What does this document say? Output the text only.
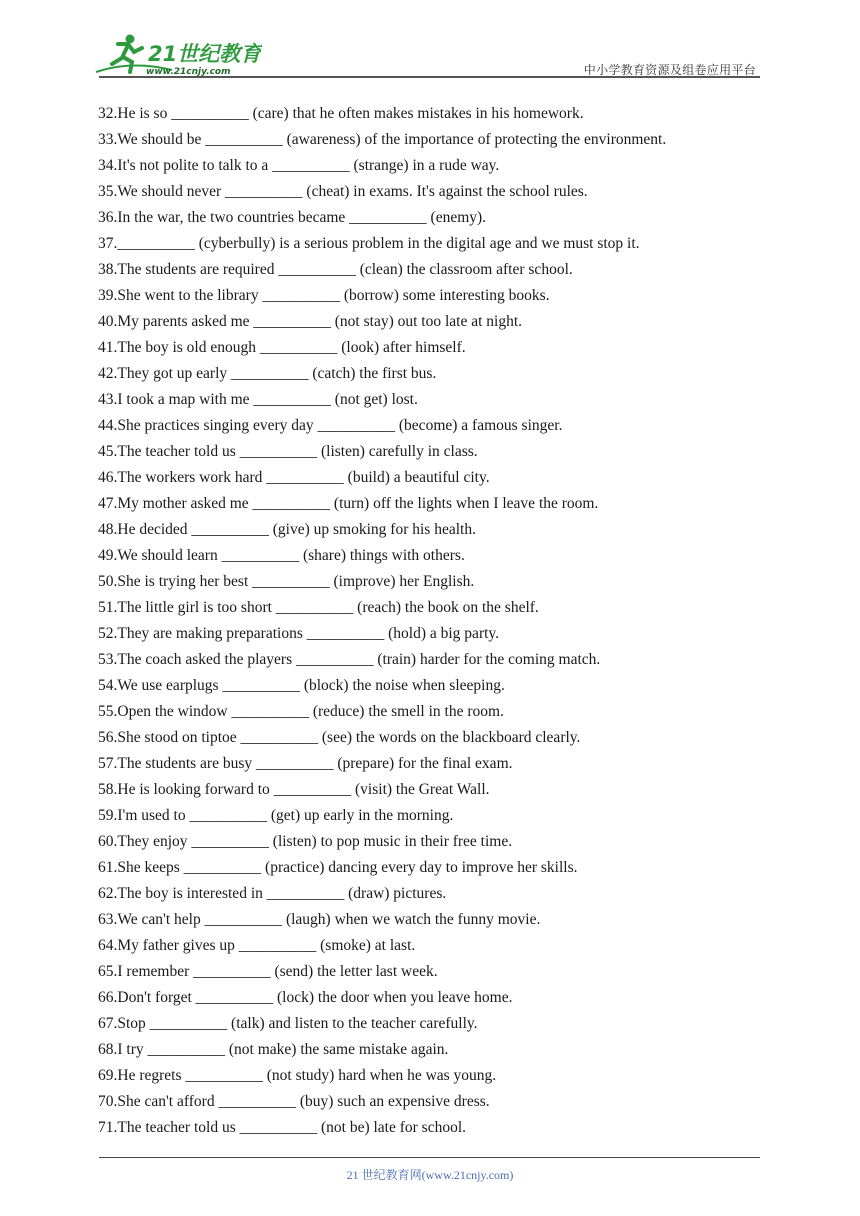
21世纪教育
www.21cnjy.com	中小学教育资源及组卷应用平台
32.He is so __________ (care) that he often makes mistakes in his homework.
33.We should be __________ (awareness) of the importance of protecting the environment.
34.It's not polite to talk to a __________ (strange) in a rude way.
35.We should never __________ (cheat) in exams. It's against the school rules.
36.In the war, the two countries became __________ (enemy).
37.__________ (cyberbully) is a serious problem in the digital age and we must stop it.
38.The students are required __________ (clean) the classroom after school.
39.She went to the library __________ (borrow) some interesting books.
40.My parents asked me __________ (not stay) out too late at night.
41.The boy is old enough __________ (look) after himself.
42.They got up early __________ (catch) the first bus.
43.I took a map with me __________ (not get) lost.
44.She practices singing every day __________ (become) a famous singer.
45.The teacher told us __________ (listen) carefully in class.
46.The workers work hard __________ (build) a beautiful city.
47.My mother asked me __________ (turn) off the lights when I leave the room.
48.He decided __________ (give) up smoking for his health.
49.We should learn __________ (share) things with others.
50.She is trying her best __________ (improve) her English.
51.The little girl is too short __________ (reach) the book on the shelf.
52.They are making preparations __________ (hold) a big party.
53.The coach asked the players __________ (train) harder for the coming match.
54.We use earplugs __________ (block) the noise when sleeping.
55.Open the window __________ (reduce) the smell in the room.
56.She stood on tiptoe __________ (see) the words on the blackboard clearly.
57.The students are busy __________ (prepare) for the final exam.
58.He is looking forward to __________ (visit) the Great Wall.
59.I'm used to __________ (get) up early in the morning.
60.They enjoy __________ (listen) to pop music in their free time.
61.She keeps __________ (practice) dancing every day to improve her skills.
62.The boy is interested in __________ (draw) pictures.
63.We can't help __________ (laugh) when we watch the funny movie.
64.My father gives up __________ (smoke) at last.
65.I remember __________ (send) the letter last week.
66.Don't forget __________ (lock) the door when you leave home.
67.Stop __________ (talk) and listen to the teacher carefully.
68.I try __________ (not make) the same mistake again.
69.He regrets __________ (not study) hard when he was young.
70.She can't afford __________ (buy) such an expensive dress.
71.The teacher told us __________ (not be) late for school.
21 世纪教育网(www.21cnjy.com)
